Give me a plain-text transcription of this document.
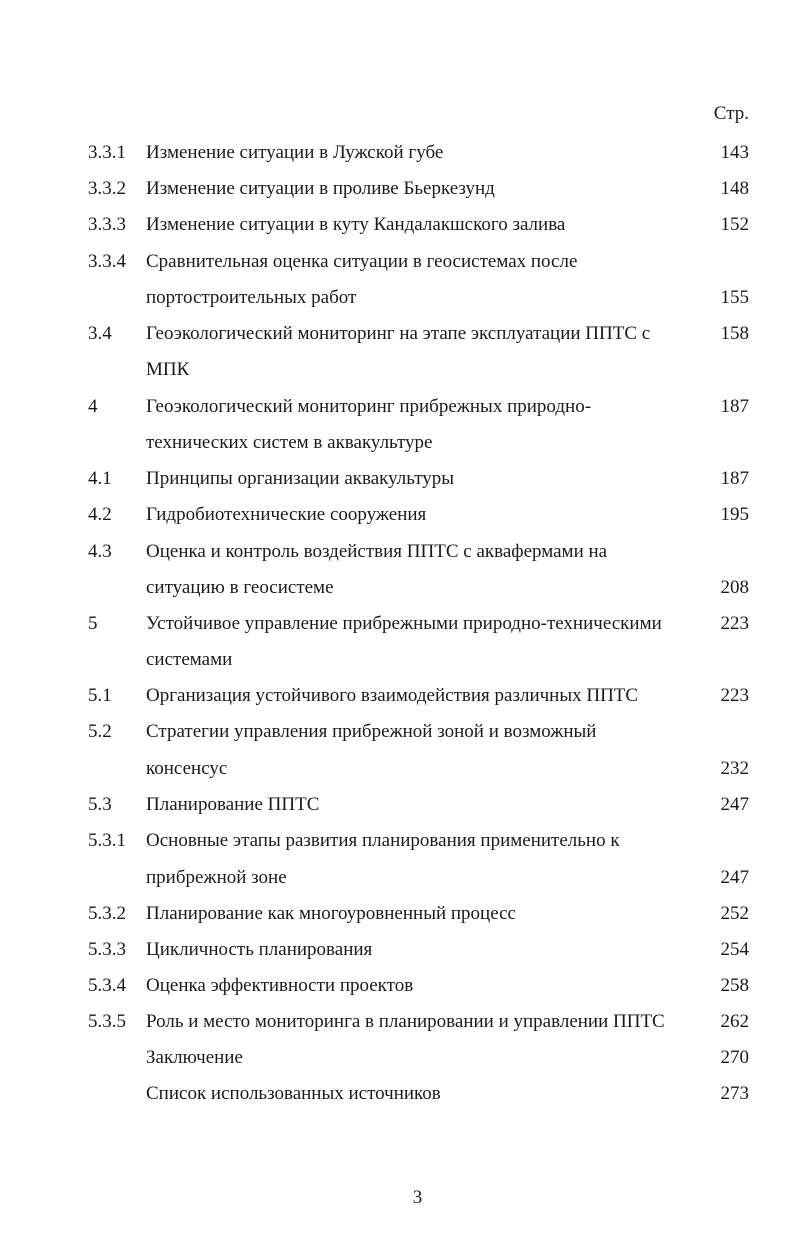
Стр.
3.3.1	Изменение ситуации в Лужской губе	143
3.3.2	Изменение ситуации в проливе Бьеркезунд	148
3.3.3	Изменение ситуации в куту Кандалакшского залива	152
3.3.4	Сравнительная оценка ситуации в геосистемах после
портостроительных работ	155
3.4	Геоэкологический мониторинг на этапе эксплуатации ППТС с	158
МПК
4	Геоэкологический мониторинг прибрежных природно-	187
технических систем в аквакультуре
4.1	Принципы организации аквакультуры	187
4.2	Гидробиотехнические сооружения	195
4.3	Оценка и контроль воздействия ППТС с аквафермами на
ситуацию в геосистеме	208
5	Устойчивое управление прибрежными природно-техническими	223
системами
5.1	Организация устойчивого взаимодействия различных ППТС	223
5.2	Стратегии управления прибрежной зоной и возможный
консенсус	232
5.3	Планирование ППТС	247
5.3.1	Основные этапы развития планирования применительно к
прибрежной зоне	247
5.3.2	Планирование как многоуровненный процесс	252
5.3.3	Цикличность планирования	254
5.3.4	Оценка эффективности проектов	258
5.3.5	Роль и место мониторинга в планировании и управлении ППТС	262
Заключение	270
Список использованных источников	273
3
